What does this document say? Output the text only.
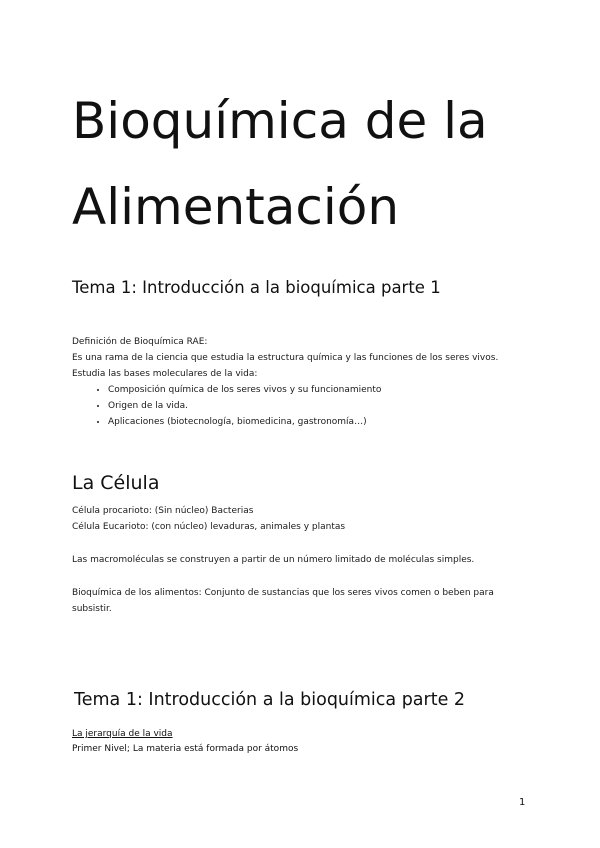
Bioquímica de la
Alimentación
Tema 1: Introducción a la bioquímica parte 1

Definición de Bioquímica RAE:

Es una rama de la ciencia que estudia la estructura química y las funciones de los seres vivos.

Estudia las bases moleculares de la vida:

• Composición química de los seres vivos y su funcionamiento
• Origen de la vida.
• Aplicaciones (biotecnología, biomedicina, gastronomía…)
La Célula

Célula procarioto: (Sin núcleo) Bacterias

Célula Eucarioto: (con núcleo) levaduras, animales y plantas

Las macromoléculas se construyen a partir de un número limitado de moléculas simples.

Bioquímica de los alimentos: Conjunto de sustancias que los seres vivos comen o beben para subsistir.

Tema 1: Introducción a la bioquímica parte 2

La jerarquía de la vida

Primer Nivel; La materia está formada por átomos

1
